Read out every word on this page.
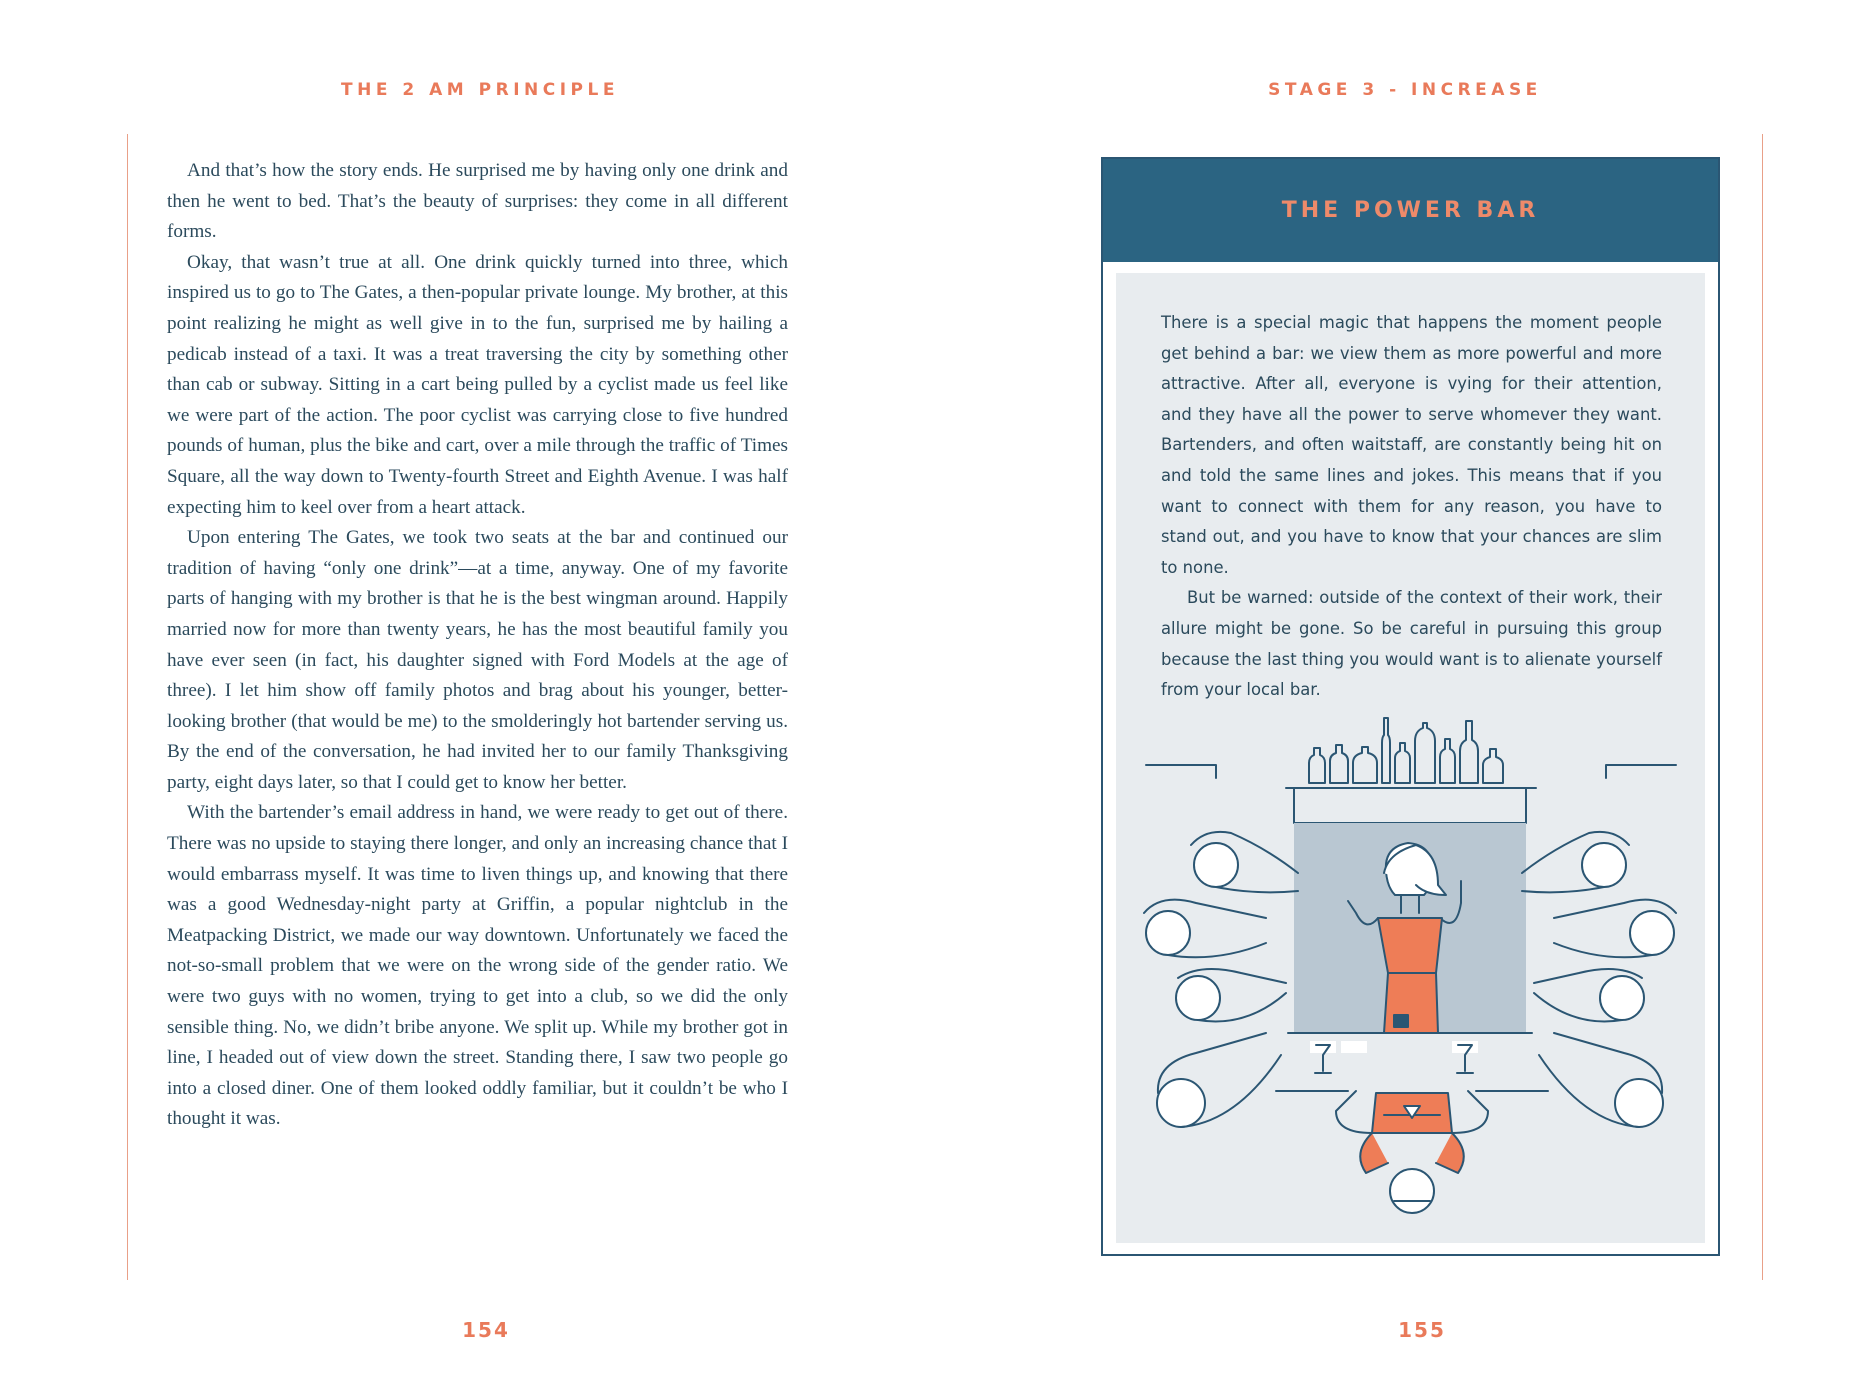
THE 2 AM PRINCIPLE	STAGE 3 - INCREASE

And that’s how the story ends. He surprised me by having only one drink and then he went to bed. That’s the beauty of surprises: they come in all different forms.

Okay, that wasn’t true at all. One drink quickly turned into three, which inspired us to go to The Gates, a then-popular private lounge. My brother, at this point realizing he might as well give in to the fun, surprised me by hailing a pedicab instead of a taxi. It was a treat traversing the city by something other than cab or subway. Sitting in a cart being pulled by a cyclist made us feel like we were part of the action. The poor cyclist was carrying close to five hundred pounds of human, plus the bike and cart, over a mile through the traffic of Times Square, all the way down to Twenty-fourth Street and Eighth Avenue. I was half expecting him to keel over from a heart attack.

Upon entering The Gates, we took two seats at the bar and continued our tradition of having “only one drink”—at a time, anyway. One of my favorite parts of hanging with my brother is that he is the best wingman around. Happily married now for more than twenty years, he has the most beautiful family you have ever seen (in fact, his daughter signed with Ford Models at the age of three). I let him show off family photos and brag about his younger, better-looking brother (that would be me) to the smolderingly hot bartender serving us. By the end of the conversation, he had invited her to our family Thanksgiving party, eight days later, so that I could get to know her better.

With the bartender’s email address in hand, we were ready to get out of there. There was no upside to staying there longer, and only an increasing chance that I would embarrass myself. It was time to liven things up, and knowing that there was a good Wednesday-night party at Griffin, a popular nightclub in the Meatpacking District, we made our way downtown. Unfortunately we faced the not-so-small problem that we were on the wrong side of the gender ratio. We were two guys with no women, trying to get into a club, so we did the only sensible thing. No, we didn’t bribe anyone. We split up. While my brother got in line, I headed out of view down the street. Standing there, I saw two people go into a closed diner. One of them looked oddly familiar, but it couldn’t be who I thought it was.

THE POWER BAR

There is a special magic that happens the moment people get behind a bar: we view them as more powerful and more attractive. After all, everyone is vying for their attention, and they have all the power to serve whomever they want. Bartenders, and often waitstaff, are constantly being hit on and told the same lines and jokes. This means that if you want to connect with them for any reason, you have to stand out, and you have to know that your chances are slim to none.

But be warned: outside of the context of their work, their allure might be gone. So be careful in pursuing this group because the last thing you would want is to alienate yourself from your local bar.

154	155
